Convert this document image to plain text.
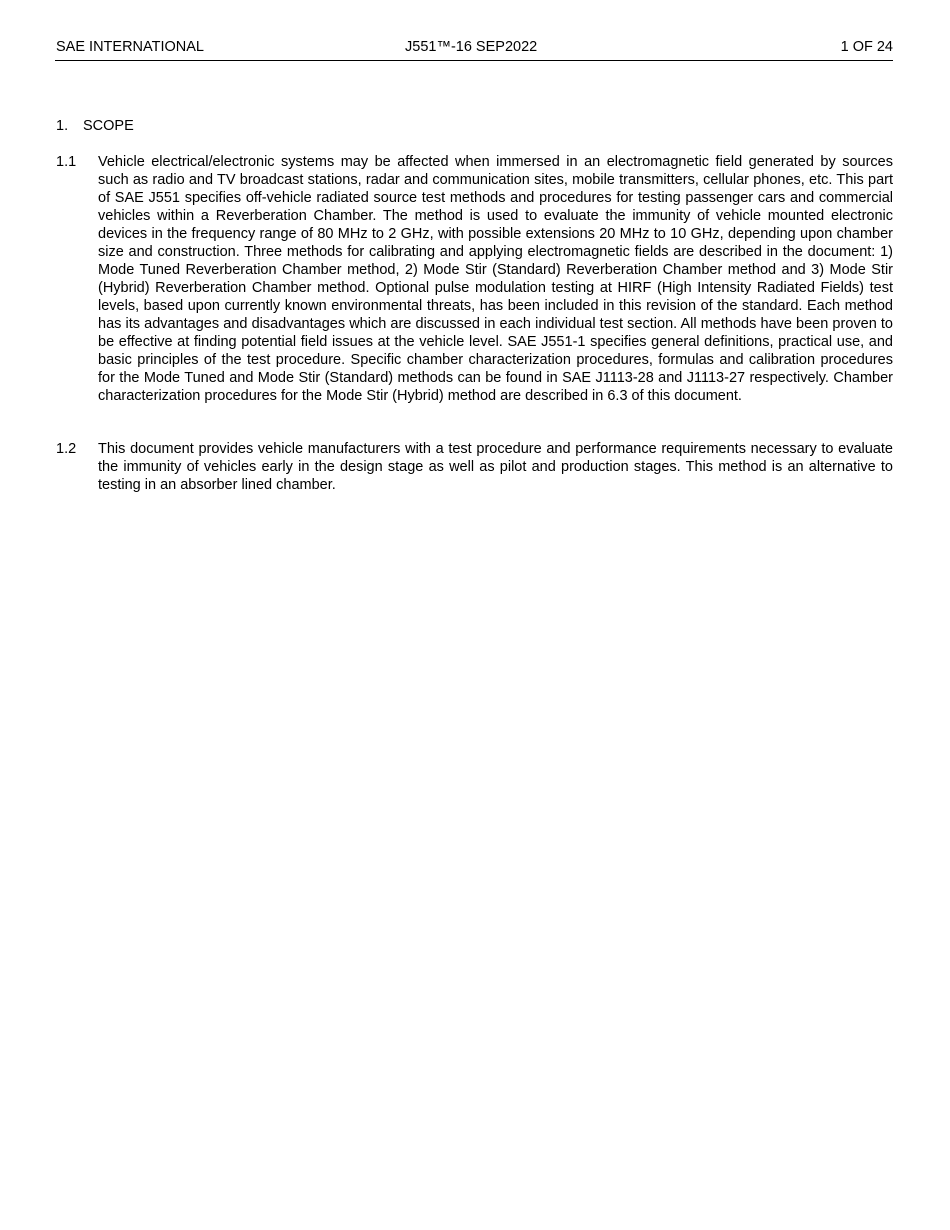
SAE INTERNATIONAL	J551™-16 SEP2022	1 OF 24
1. SCOPE
1.1 Vehicle electrical/electronic systems may be affected when immersed in an electromagnetic field generated by sources such as radio and TV broadcast stations, radar and communication sites, mobile transmitters, cellular phones, etc. This part of SAE J551 specifies off-vehicle radiated source test methods and procedures for testing passenger cars and commercial vehicles within a Reverberation Chamber. The method is used to evaluate the immunity of vehicle mounted electronic devices in the frequency range of 80 MHz to 2 GHz, with possible extensions 20 MHz to 10 GHz, depending upon chamber size and construction. Three methods for calibrating and applying electromagnetic fields are described in the document: 1) Mode Tuned Reverberation Chamber method, 2) Mode Stir (Standard) Reverberation Chamber method and 3) Mode Stir (Hybrid) Reverberation Chamber method. Optional pulse modulation testing at HIRF (High Intensity Radiated Fields) test levels, based upon currently known environmental threats, has been included in this revision of the standard. Each method has its advantages and disadvantages which are discussed in each individual test section. All methods have been proven to be effective at finding potential field issues at the vehicle level. SAE J551-1 specifies general definitions, practical use, and basic principles of the test procedure. Specific chamber characterization procedures, formulas and calibration procedures for the Mode Tuned and Mode Stir (Standard) methods can be found in SAE J1113-28 and J1113-27 respectively. Chamber characterization procedures for the Mode Stir (Hybrid) method are described in 6.3 of this document.
1.2 This document provides vehicle manufacturers with a test procedure and performance requirements necessary to evaluate the immunity of vehicles early in the design stage as well as pilot and production stages. This method is an alternative to testing in an absorber lined chamber.
